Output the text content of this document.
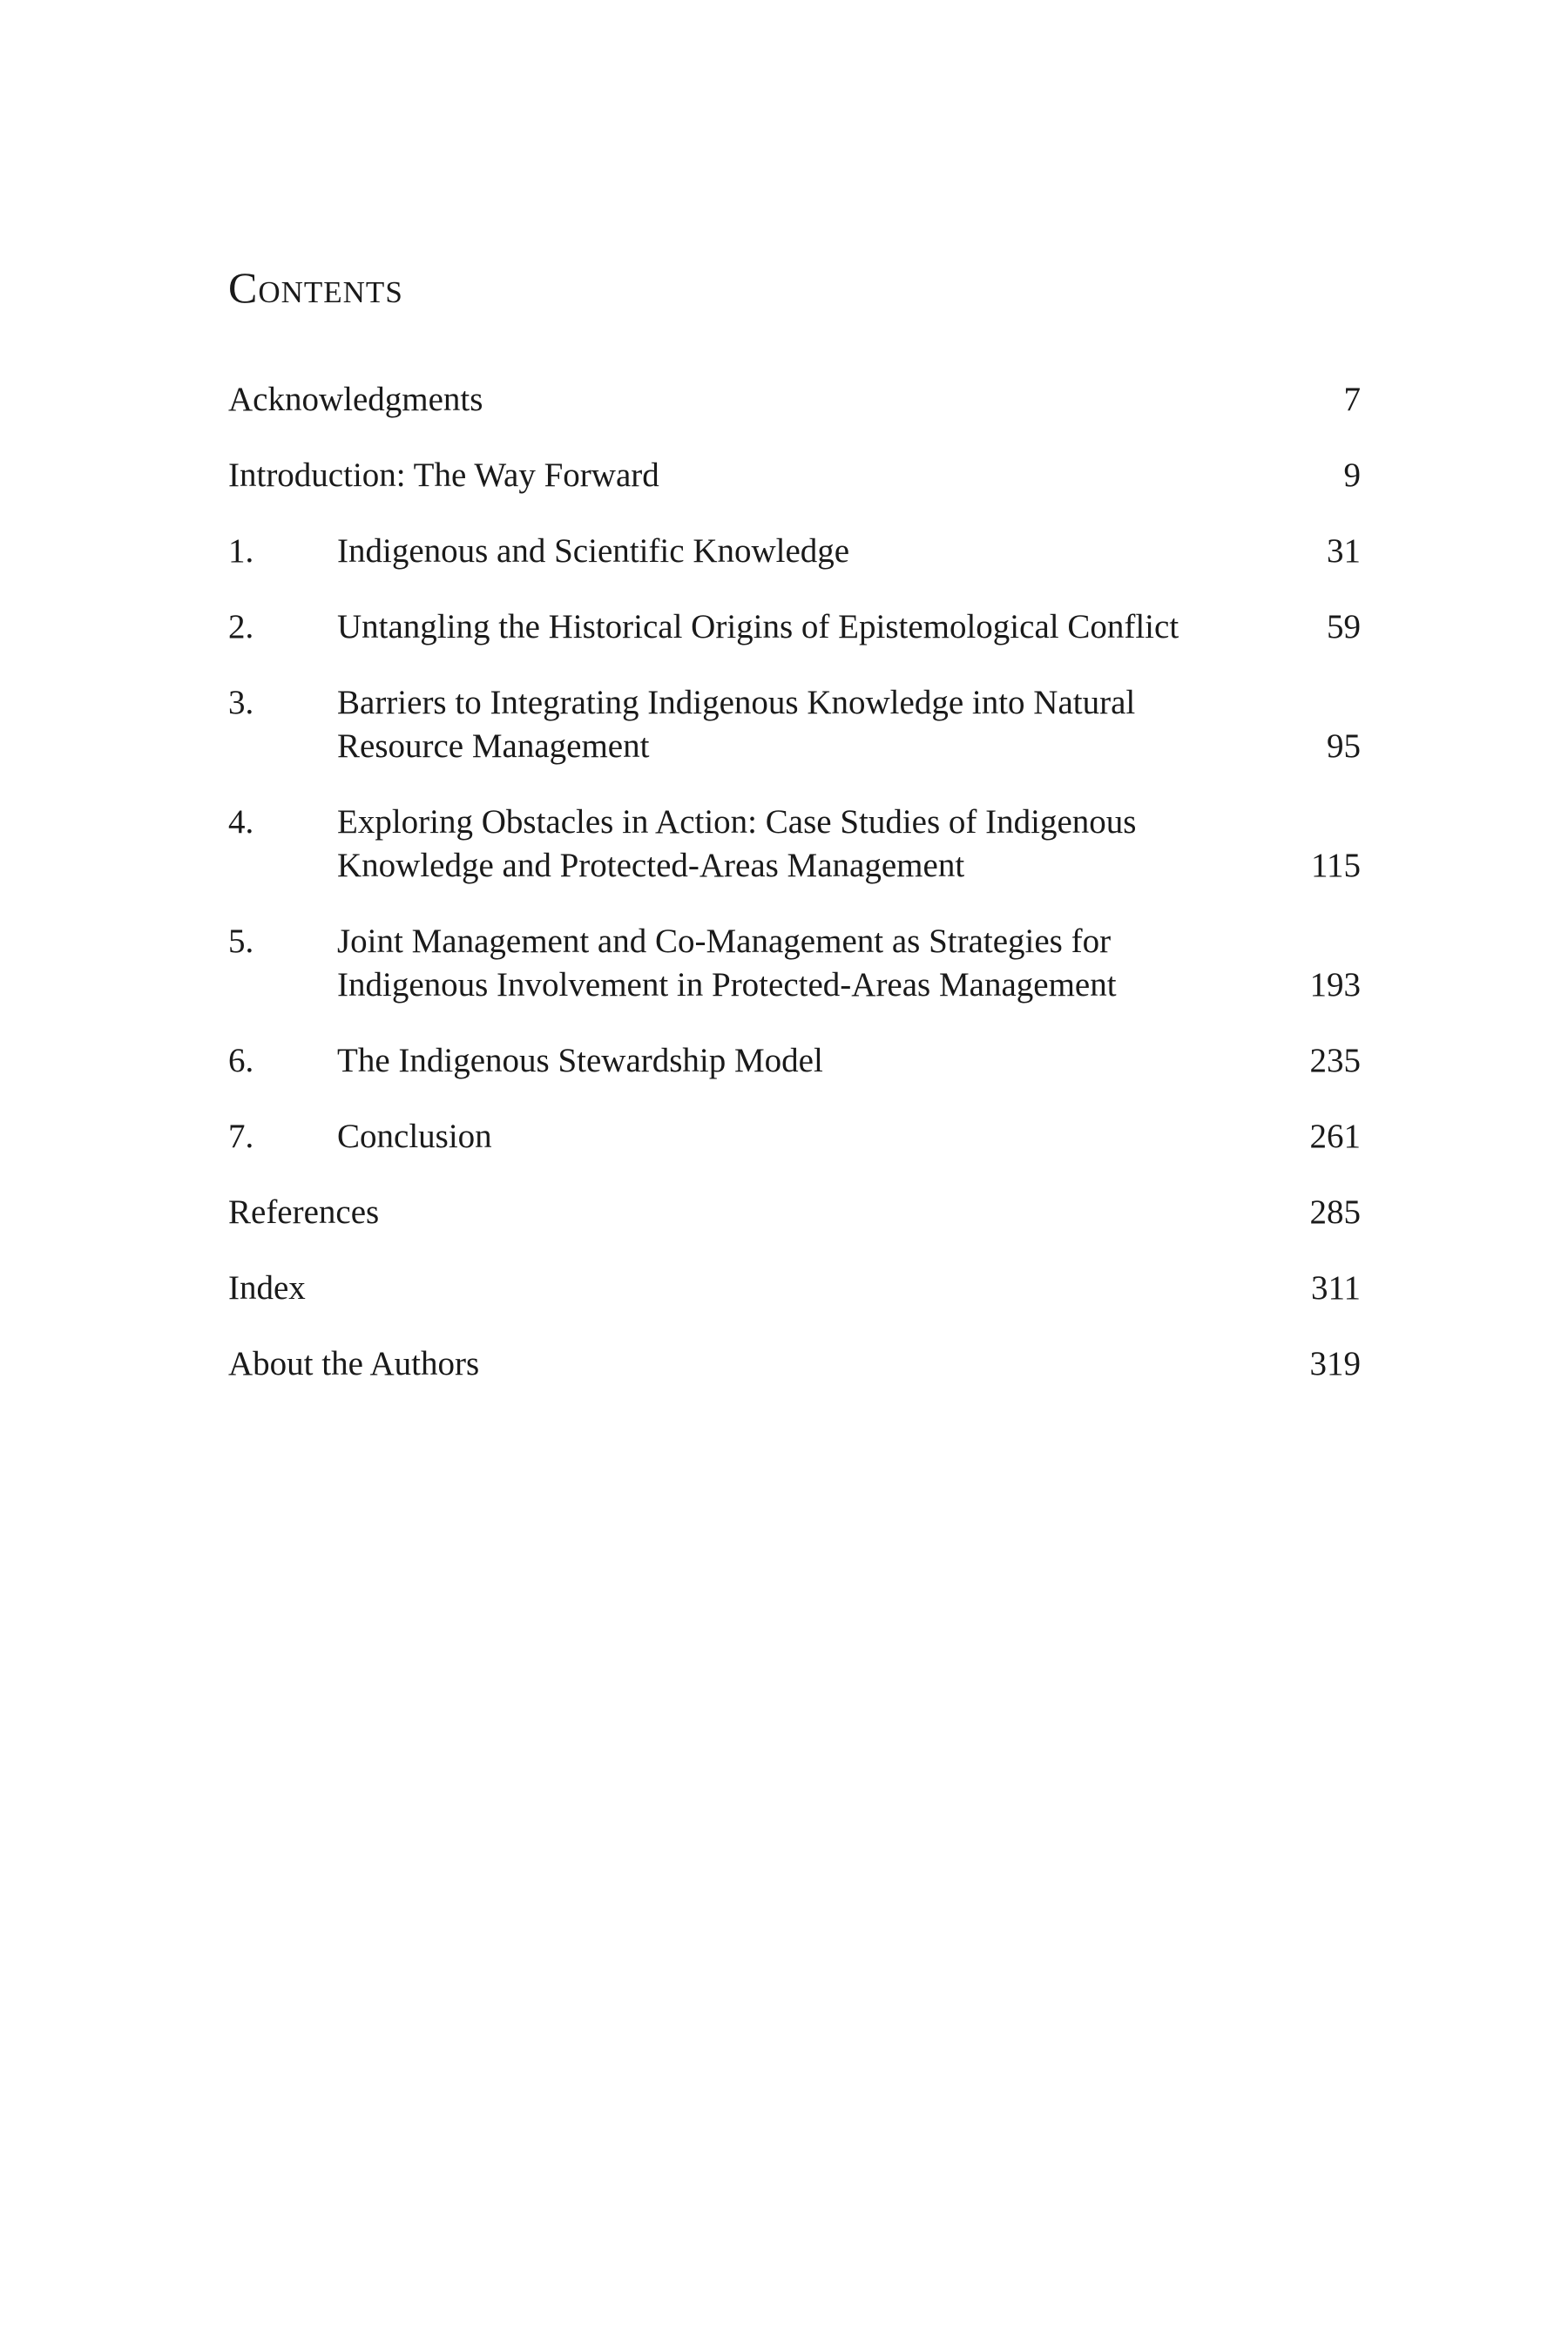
Contents
Acknowledgments	7
Introduction: The Way Forward	9
1.	Indigenous and Scientific Knowledge	31
2.	Untangling the Historical Origins of Epistemological Conflict	59
3.	Barriers to Integrating Indigenous Knowledge into Natural Resource Management	95
4.	Exploring Obstacles in Action: Case Studies of Indigenous Knowledge and Protected-Areas Management	115
5.	Joint Management and Co-Management as Strategies for Indigenous Involvement in Protected-Areas Management	193
6.	The Indigenous Stewardship Model	235
7.	Conclusion	261
References	285
Index	311
About the Authors	319
